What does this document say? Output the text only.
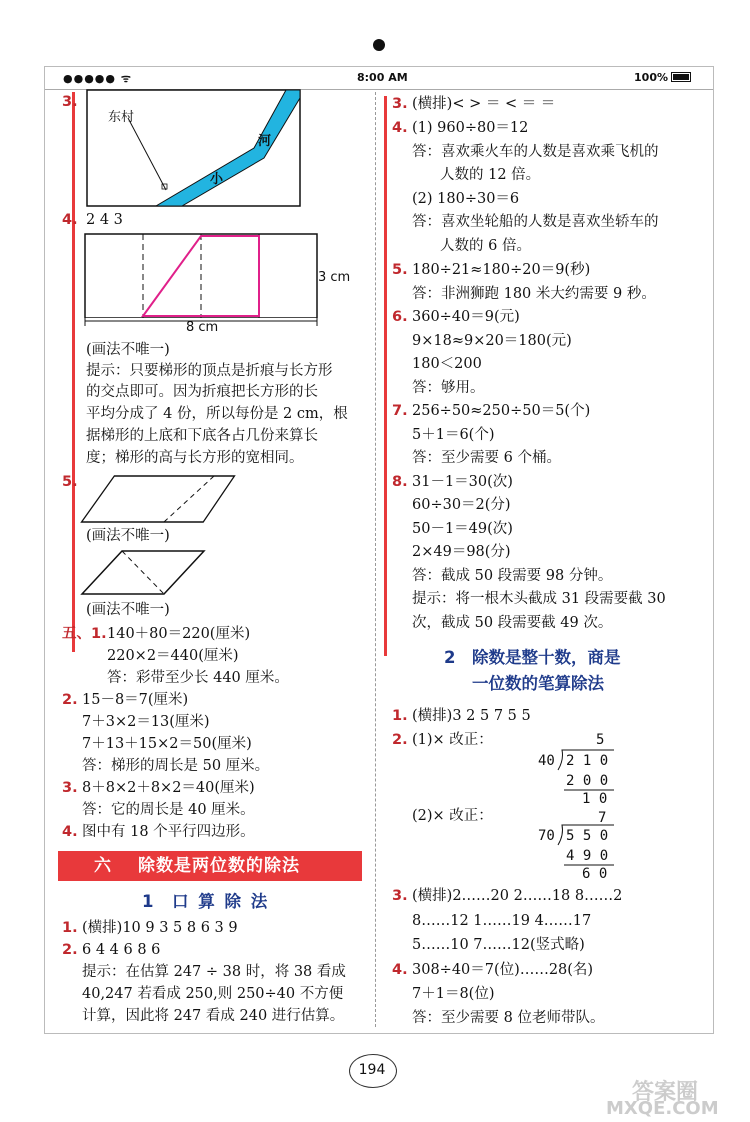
●●●●● ᯤ	8:00 AM	100%
3.
东村
河
小
4. 2 4 3
3 cm
8 cm
(画法不唯一)
提示：只要梯形的顶点是折痕与长方形
的交点即可。因为折痕把长方形的长
平均分成了 4 份，所以每份是 2 cm，根
据梯形的上底和下底各占几份来算长
度；梯形的高与长方形的宽相同。
5.
(画法不唯一)
(画法不唯一)
五、1. 140＋80＝220(厘米)
220×2＝440(厘米)
答：彩带至少长 440 厘米。
2. 15－8＝7(厘米)
7＋3×2＝13(厘米)
7＋13＋15×2＝50(厘米)
答：梯形的周长是 50 厘米。
3. 8＋8×2＋8×2＝40(厘米)
答：它的周长是 40 厘米。
4. 图中有 18 个平行四边形。
六 除数是两位数的除法
1 口 算 除 法
1. (横排)10 9 3 5 8 6 3 9
2. 6 4 4 6 8 6
提示：在估算 247 ÷ 38 时，将 38 看成
40,247 若看成 250,则 250÷40 不方便
计算，因此将 247 看成 240 进行估算。
3. (横排)< > ＝ < ＝ ＝
4. (1) 960÷80＝12
答：喜欢乘火车的人数是喜欢乘飞机的
人数的 12 倍。
(2) 180÷30＝6
答：喜欢坐轮船的人数是喜欢坐轿车的
人数的 6 倍。
5. 180÷21≈180÷20＝9(秒)
答：非洲狮跑 180 米大约需要 9 秒。
6. 360÷40＝9(元)
9×18≈9×20＝180(元)
180＜200
答：够用。
7. 256÷50≈250÷50＝5(个)
5＋1＝6(个)
答：至少需要 6 个桶。
8. 31－1＝30(次)
60÷30＝2(分)
50－1＝49(次)
2×49＝98(分)
答：截成 50 段需要 98 分钟。
提示：将一根木头截成 31 段需要截 30
次，截成 50 段需要截 49 次。
2 除数是整十数，商是
一位数的笔算除法
1. (横排)3 2 5 7 5 5
2. (1)× 改正：	5
40 2 1 0
2 0 0
1 0
(2)× 改正：	7
70 5 5 0
4 9 0
6 0
3. (横排)2……20 2……18 8……2
8……12 1……19 4……17
5……10 7……12(竖式略)
4. 308÷40＝7(位)……28(名)
7＋1＝8(位)
答：至少需要 8 位老师带队。
194
答案圈
MXQE.COM
